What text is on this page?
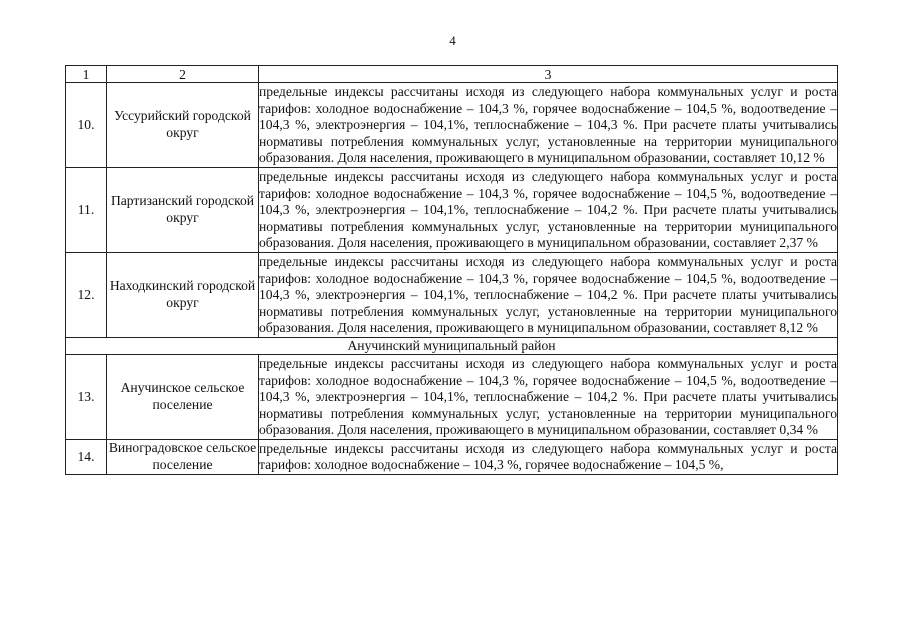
4
1	2	3
10.	Уссурийский городской округ	предельные индексы рассчитаны исходя из следующего набора коммунальных услуг и роста тарифов: холодное водоснабжение – 104,3 %, горячее водоснабжение – 104,5 %, водоотведение – 104,3 %, электроэнергия – 104,1%, теплоснабжение – 104,3 %. При расчете платы учитывались нормативы потребления коммунальных услуг, установленные на территории муниципального образования. Доля населения, проживающего в муниципальном образовании, составляет 10,12 %
11.	Партизанский городской округ	предельные индексы рассчитаны исходя из следующего набора коммунальных услуг и роста тарифов: холодное водоснабжение – 104,3 %, горячее водоснабжение – 104,5 %, водоотведение – 104,3 %, электроэнергия – 104,1%, теплоснабжение – 104,2 %. При расчете платы учитывались нормативы потребления коммунальных услуг, установленные на территории муниципального образования. Доля населения, проживающего в муниципальном образовании, составляет 2,37 %
12.	Находкинский городской округ	предельные индексы рассчитаны исходя из следующего набора коммунальных услуг и роста тарифов: холодное водоснабжение – 104,3 %, горячее водоснабжение – 104,5 %, водоотведение – 104,3 %, электроэнергия – 104,1%, теплоснабжение – 104,2 %. При расчете платы учитывались нормативы потребления коммунальных услуг, установленные на территории муниципального образования. Доля населения, проживающего в муниципальном образовании, составляет 8,12 %
Анучинский муниципальный район		
13.	Анучинское сельское поселение	предельные индексы рассчитаны исходя из следующего набора коммунальных услуг и роста тарифов: холодное водоснабжение – 104,3 %, горячее водоснабжение – 104,5 %, водоотведение – 104,3 %, электроэнергия – 104,1%, теплоснабжение – 104,2 %. При расчете платы учитывались нормативы потребления коммунальных услуг, установленные на территории муниципального образования. Доля населения, проживающего в муниципальном образовании, составляет 0,34 %
14.	Виноградовское сельское поселение	предельные индексы рассчитаны исходя из следующего набора коммунальных услуг и роста тарифов: холодное водоснабжение – 104,3 %, горячее водоснабжение – 104,5 %,
